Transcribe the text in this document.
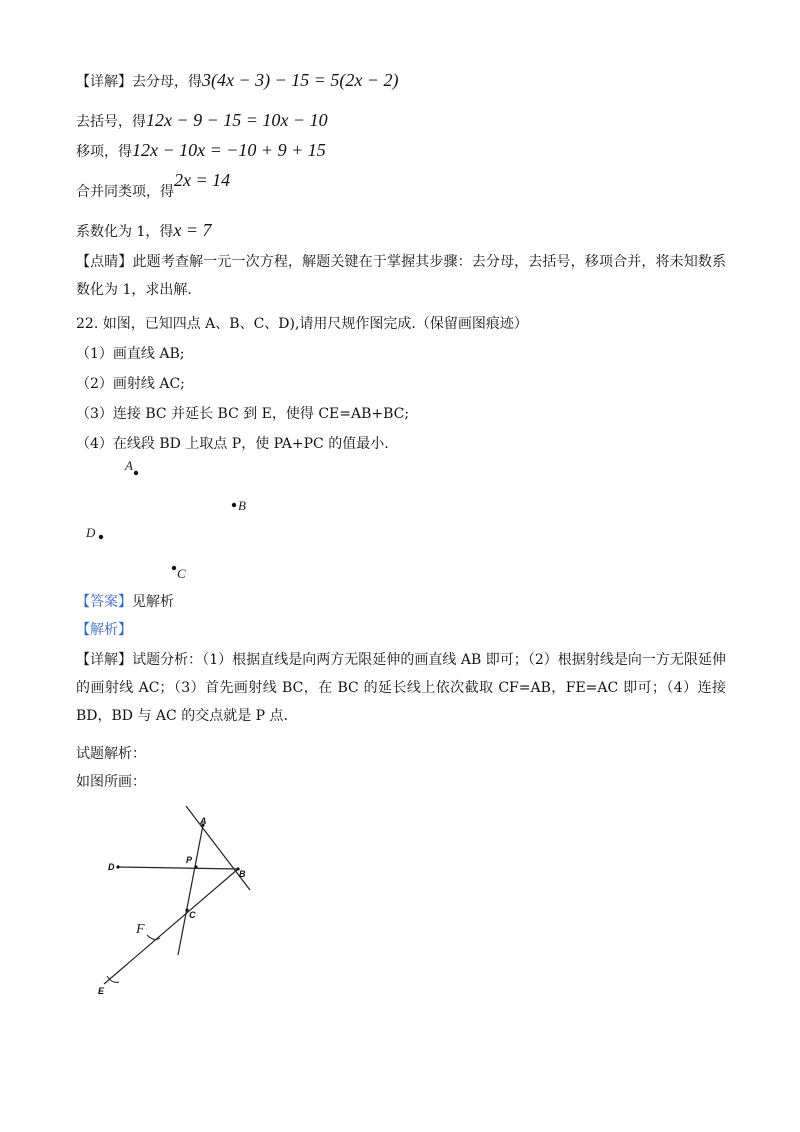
【详解】去分母，得3(4x − 3) − 15 = 5(2x − 2)
去括号，得12x − 9 − 15 = 10x − 10
移项，得12x − 10x = −10 + 9 + 15
合并同类项，得2x = 14
系数化为 1，得x = 7
【点睛】此题考查解一元一次方程，解题关键在于掌握其步骤：去分母，去括号，移项合并，将未知数系数化为 1，求出解.
22. 如图，已知四点 A、B、C、D),请用尺规作图完成.（保留画图痕迹）
（1）画直线 AB;
（2）画射线 AC;
（3）连接 BC 并延长 BC 到 E，使得 CE=AB+BC;
（4）在线段 BD 上取点 P，使 PA+PC 的值最小.
A
B
D
C
【答案】见解析
【解析】
【详解】试题分析：（1）根据直线是向两方无限延伸的画直线 AB 即可；（2）根据射线是向一方无限延伸的画射线 AC；（3）首先画射线 BC，在 BC 的延长线上依次截取 CF=AB，FE=AC 即可；（4）连接 BD，BD 与 AC 的交点就是 P 点.
试题解析：
如图所画：
A
P
B
C
D
F
E
